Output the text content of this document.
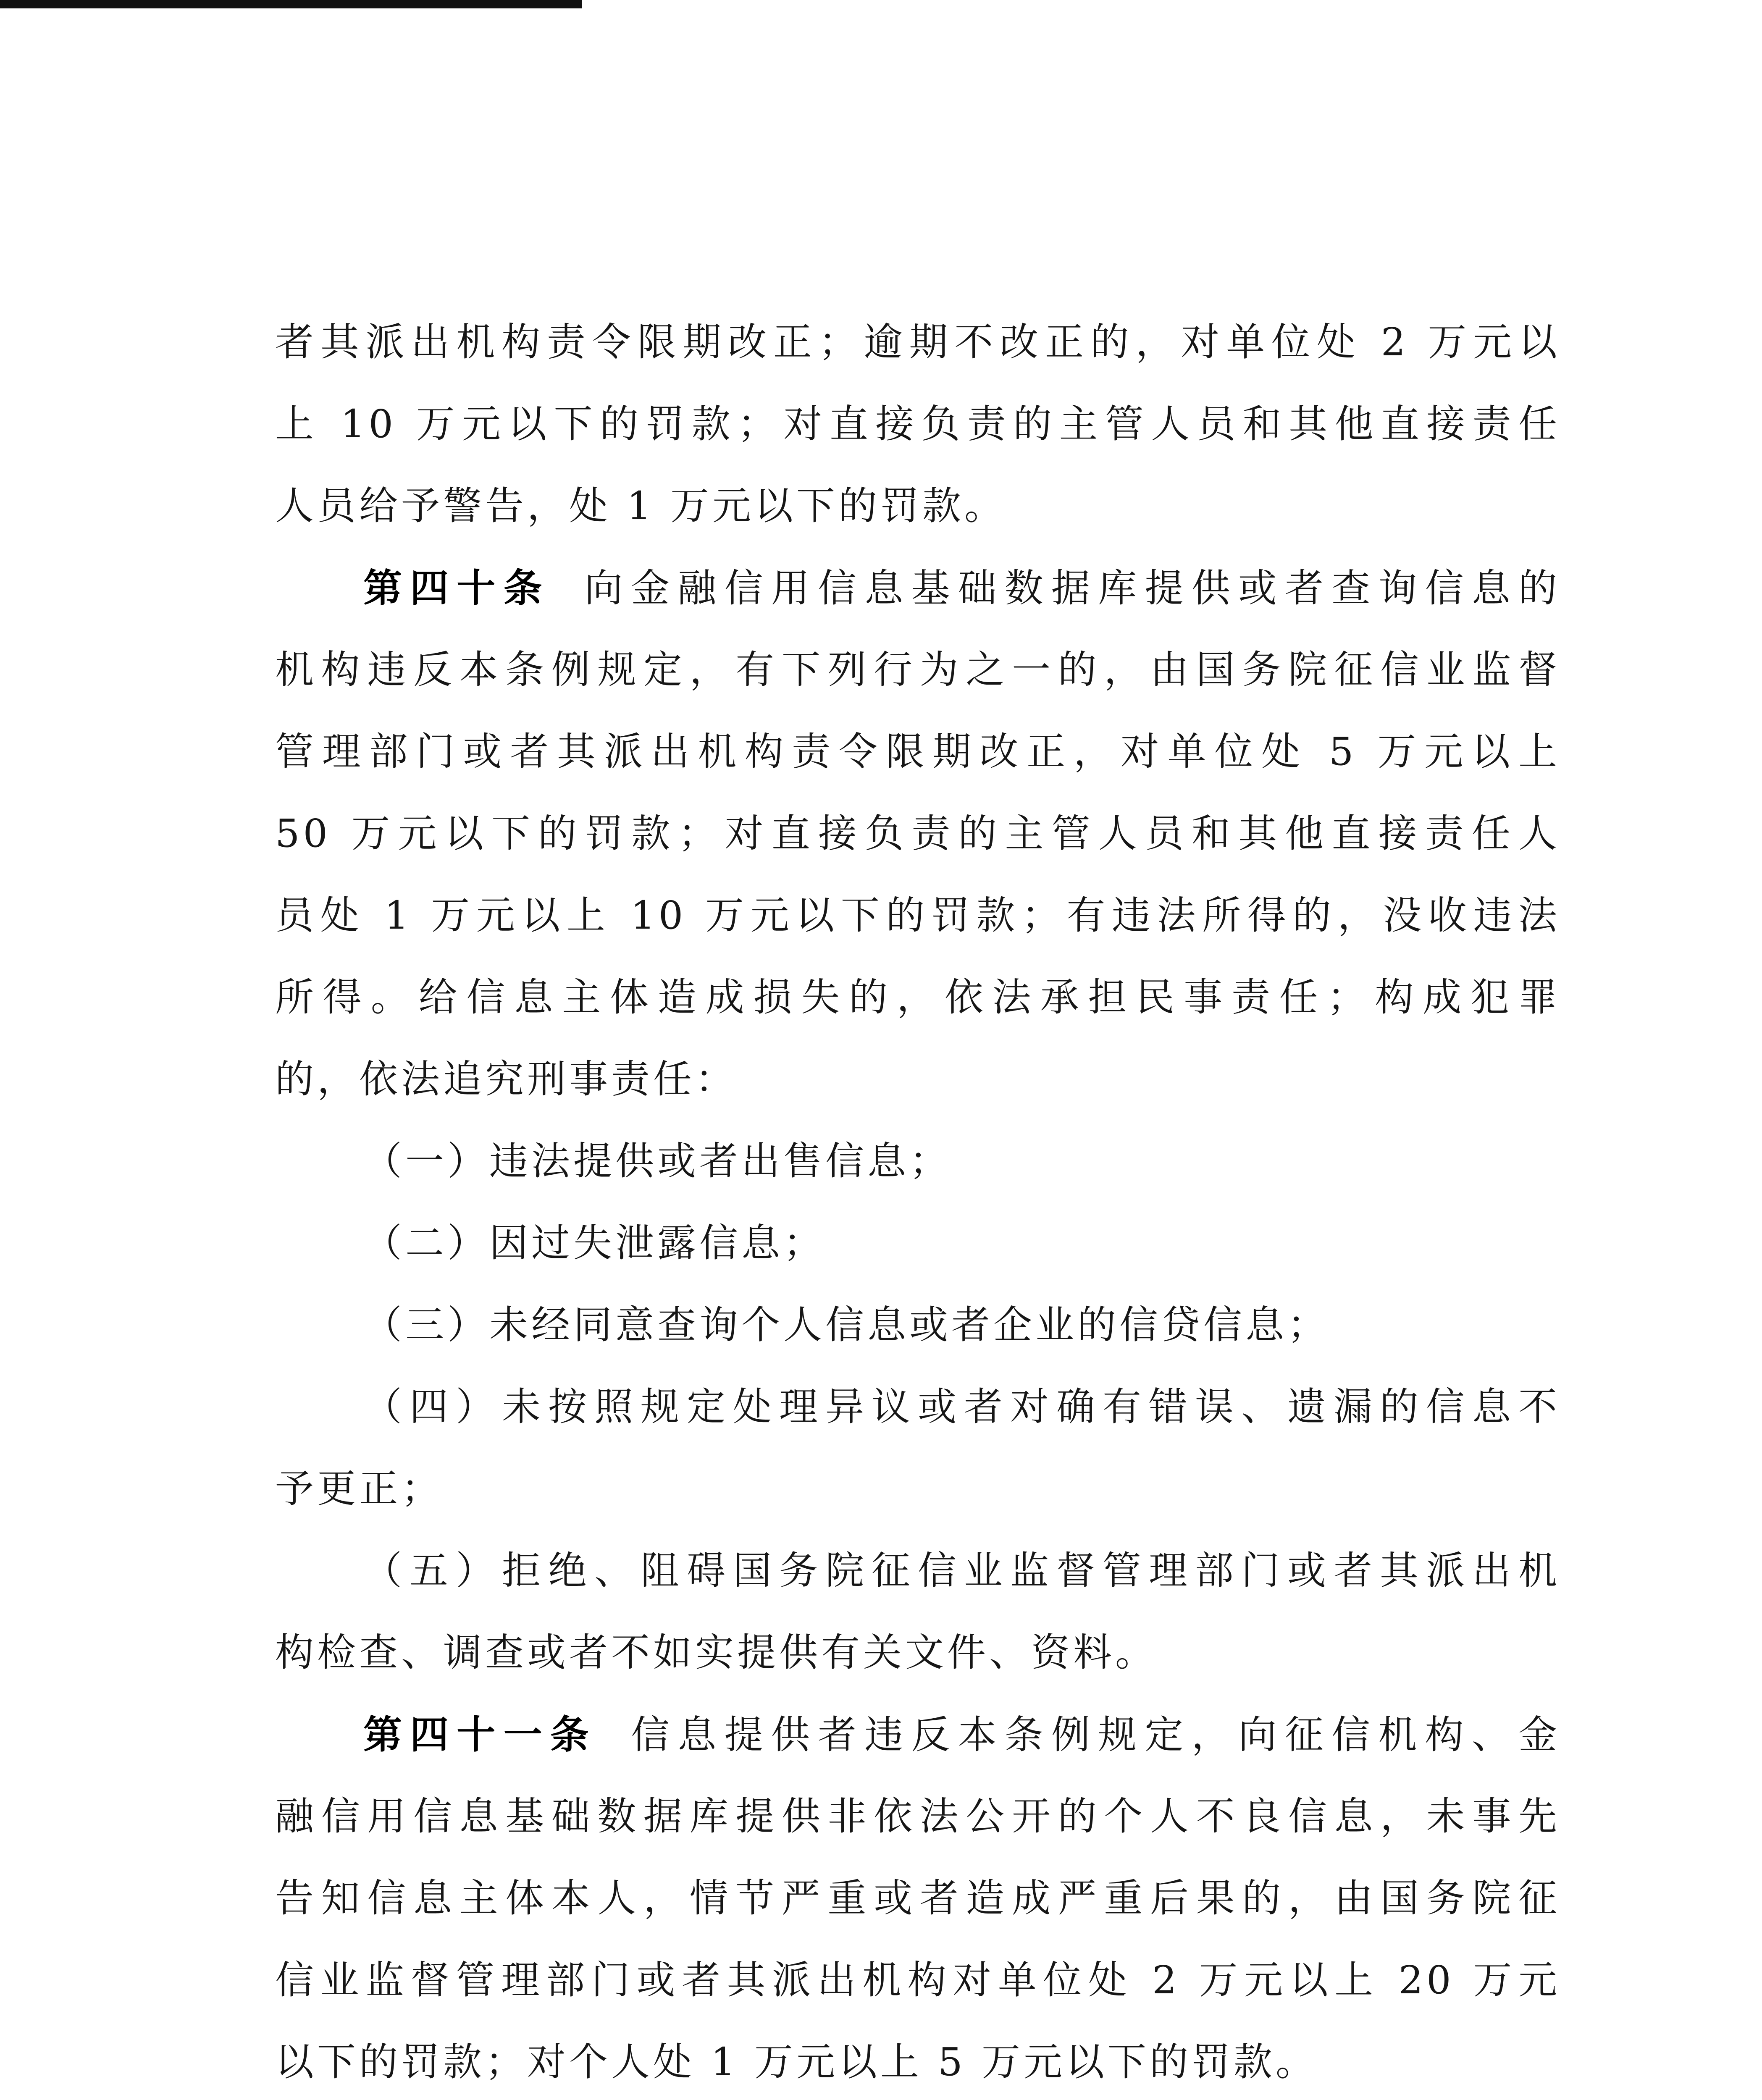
者其派出机构责令限期改正；逾期不改正的，对单位处 2 万元以
上 10 万元以下的罚款；对直接负责的主管人员和其他直接责任
人员给予警告，处 1 万元以下的罚款。
第四十条 向金融信用信息基础数据库提供或者查询信息的
机构违反本条例规定，有下列行为之一的，由国务院征信业监督
管理部门或者其派出机构责令限期改正，对单位处 5 万元以上
50 万元以下的罚款；对直接负责的主管人员和其他直接责任人
员处 1 万元以上 10 万元以下的罚款；有违法所得的，没收违法
所得。给信息主体造成损失的，依法承担民事责任；构成犯罪
的，依法追究刑事责任：
（一）违法提供或者出售信息；
（二）因过失泄露信息；
（三）未经同意查询个人信息或者企业的信贷信息；
（四）未按照规定处理异议或者对确有错误、遗漏的信息不
予更正；
（五）拒绝、阻碍国务院征信业监督管理部门或者其派出机
构检查、调查或者不如实提供有关文件、资料。
第四十一条 信息提供者违反本条例规定，向征信机构、金
融信用信息基础数据库提供非依法公开的个人不良信息，未事先
告知信息主体本人，情节严重或者造成严重后果的，由国务院征
信业监督管理部门或者其派出机构对单位处 2 万元以上 20 万元
以下的罚款；对个人处 1 万元以上 5 万元以下的罚款。
